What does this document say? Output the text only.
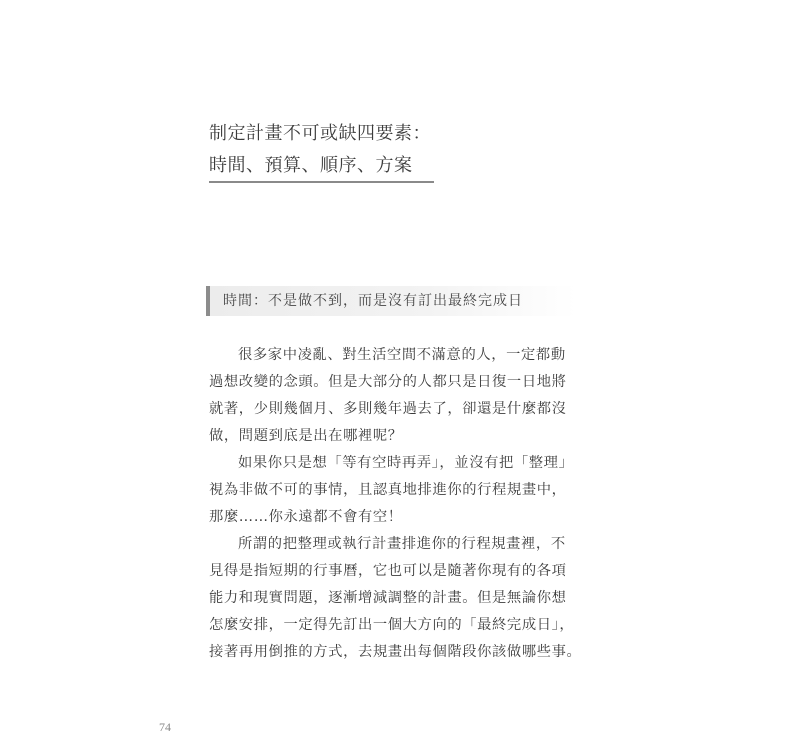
制定計畫不可或缺四要素：
時間、預算、順序、方案
時間：不是做不到，而是沒有訂出最終完成日
很多家中凌亂、對生活空間不滿意的人，一定都動
過想改變的念頭。但是大部分的人都只是日復一日地將
就著，少則幾個月、多則幾年過去了，卻還是什麼都沒
做，問題到底是出在哪裡呢？
如果你只是想「等有空時再弄」，並沒有把「整理」
視為非做不可的事情，且認真地排進你的行程規畫中，
那麼……你永遠都不會有空！
所謂的把整理或執行計畫排進你的行程規畫裡，不
見得是指短期的行事曆，它也可以是隨著你現有的各項
能力和現實問題，逐漸增減調整的計畫。但是無論你想
怎麼安排，一定得先訂出一個大方向的「最終完成日」，
接著再用倒推的方式，去規畫出每個階段你該做哪些事。
74
